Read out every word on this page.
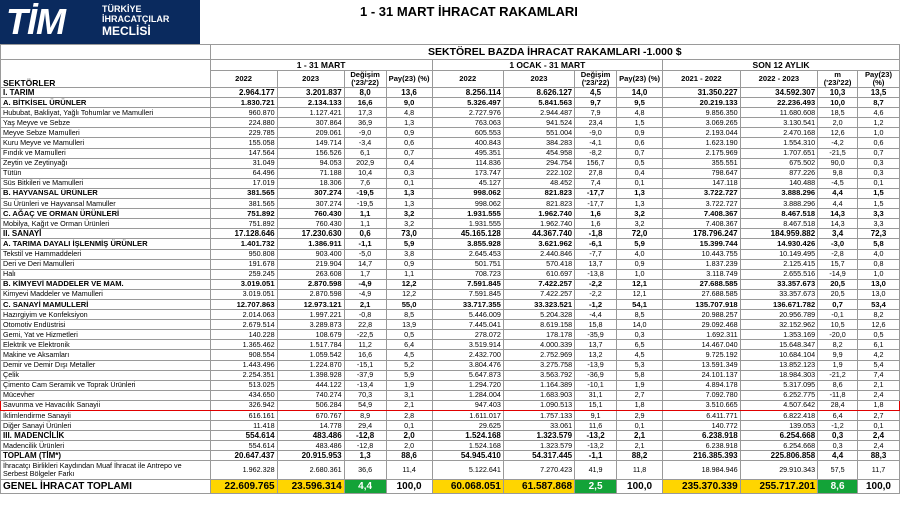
TİM	TÜRKİYE
İHRACATÇILAR
MECLİSİ
1 - 31 MART İHRACAT RAKAMLARI
	SEKTÖREL BAZDA İHRACAT RAKAMLARI -1.000 $											
SEKTÖRLER	1 - 31 MART				1 OCAK - 31 MART				SON 12 AYLIK			
	2022	2023	Değişim ('23/'22)	Pay(23) (%)	2022	2023	Değişim ('23/'22)	Pay(23) (%)	2021 - 2022	2022 - 2023	m ('23/'22)	Pay(23) (%)
I. TARIM	2.964.177	3.201.837	8,0	13,6	8.256.114	8.626.127	4,5	14,0	31.350.227	34.592.307	10,3	13,5
A. BİTKİSEL ÜRÜNLER	1.830.721	2.134.133	16,6	9,0	5.326.497	5.841.563	9,7	9,5	20.219.133	22.236.493	10,0	8,7
Hububat, Bakliyat, Yağlı Tohumlar ve Mamulleri	960.870	1.127.421	17,3	4,8	2.727.976	2.944.487	7,9	4,8	9.856.350	11.680.608	18,5	4,6
Yaş Meyve ve Sebze	224.880	307.864	36,9	1,3	763.063	941.524	23,4	1,5	3.069.265	3.130.541	2,0	1,2
Meyve Sebze Mamulleri	229.785	209.061	-9,0	0,9	605.553	551.004	-9,0	0,9	2.193.044	2.470.168	12,6	1,0
Kuru Meyve ve Mamulleri	155.058	149.714	-3,4	0,6	400.843	384.283	-4,1	0,6	1.623.190	1.554.310	-4,2	0,6
Fındık ve Mamulleri	147.564	156.526	6,1	0,7	495.351	454.958	-8,2	0,7	2.175.969	1.707.651	-21,5	0,7
Zeytin ve Zeytinyağı	31.049	94.053	202,9	0,4	114.836	294.754	156,7	0,5	355.551	675.502	90,0	0,3
Tütün	64.496	71.188	10,4	0,3	173.747	222.102	27,8	0,4	798.647	877.226	9,8	0,3
Süs Bitkileri ve Mamulleri	17.019	18.306	7,6	0,1	45.127	48.452	7,4	0,1	147.118	140.488	-4,5	0,1
B. HAYVANSAL ÜRÜNLER	381.565	307.274	-19,5	1,3	998.062	821.823	-17,7	1,3	3.722.727	3.888.296	4,4	1,5
Su Ürünleri ve Hayvansal Mamuller	381.565	307.274	-19,5	1,3	998.062	821.823	-17,7	1,3	3.722.727	3.888.296	4,4	1,5
C. AĞAÇ VE ORMAN ÜRÜNLERİ	751.892	760.430	1,1	3,2	1.931.555	1.962.740	1,6	3,2	7.408.367	8.467.518	14,3	3,3
Mobilya, Kağıt ve Orman Ürünleri	751.892	760.430	1,1	3,2	1.931.555	1.962.740	1,6	3,2	7.408.367	8.467.518	14,3	3,3
II. SANAYİ	17.128.646	17.230.630	0,6	73,0	45.165.128	44.367.740	-1,8	72,0	178.796.247	184.959.882	3,4	72,3
A. TARIMA DAYALI İŞLENMİŞ ÜRÜNLER	1.401.732	1.386.911	-1,1	5,9	3.855.928	3.621.962	-6,1	5,9	15.399.744	14.930.426	-3,0	5,8
Tekstil ve Hammaddeleri	950.808	903.400	-5,0	3,8	2.645.453	2.440.846	-7,7	4,0	10.443.755	10.149.495	-2,8	4,0
Deri ve Deri Mamulleri	191.678	219.904	14,7	0,9	501.751	570.418	13,7	0,9	1.837.239	2.125.415	15,7	0,8
Halı	259.245	263.608	1,7	1,1	708.723	610.697	-13,8	1,0	3.118.749	2.655.516	-14,9	1,0
B. KİMYEVİ MADDELER VE MAM.	3.019.051	2.870.598	-4,9	12,2	7.591.845	7.422.257	-2,2	12,1	27.688.585	33.357.673	20,5	13,0
Kimyevi Maddeler ve Mamulleri	3.019.051	2.870.598	-4,9	12,2	7.591.845	7.422.257	-2,2	12,1	27.688.585	33.357.673	20,5	13,0
C. SANAYİ MAMULLERİ	12.707.863	12.973.121	2,1	55,0	33.717.355	33.323.521	-1,2	54,1	135.707.918	136.671.782	0,7	53,4
Hazırgiyim ve Konfeksiyon	2.014.063	1.997.221	-0,8	8,5	5.446.009	5.204.328	-4,4	8,5	20.988.257	20.956.789	-0,1	8,2
Otomotiv Endüstrisi	2.679.514	3.289.873	22,8	13,9	7.445.041	8.619.158	15,8	14,0	29.092.468	32.152.962	10,5	12,6
Gemi, Yat ve Hizmetleri	140.228	108.679	-22,5	0,5	278.072	178.178	-35,9	0,3	1.692.311	1.353.169	-20,0	0,5
Elektrik ve Elektronik	1.365.462	1.517.784	11,2	6,4	3.519.914	4.000.339	13,7	6,5	14.467.040	15.648.347	8,2	6,1
Makine ve Aksamları	908.554	1.059.542	16,6	4,5	2.432.700	2.752.969	13,2	4,5	9.725.192	10.684.104	9,9	4,2
Demir ve Demir Dışı Metaller	1.443.496	1.224.870	-15,1	5,2	3.804.476	3.275.758	-13,9	5,3	13.591.349	13.852.123	1,9	5,4
Çelik	2.254.351	1.398.928	-37,9	5,9	5.647.873	3.563.792	-36,9	5,8	24.101.137	18.984.303	-21,2	7,4
Çimento Cam Seramik ve Toprak Ürünleri	513.025	444.122	-13,4	1,9	1.294.720	1.164.389	-10,1	1,9	4.894.178	5.317.095	8,6	2,1
Mücevher	434.650	740.274	70,3	3,1	1.284.004	1.683.903	31,1	2,7	7.092.780	6.252.775	-11,8	2,4
Savunma ve Havacılık Sanayii	326.942	506.284	54,9	2,1	947.403	1.090.513	15,1	1,8	3.510.665	4.507.642	28,4	1,8
İklimlendirme Sanayii	616.161	670.767	8,9	2,8	1.611.017	1.757.133	9,1	2,9	6.411.771	6.822.418	6,4	2,7
Diğer Sanayi Ürünleri	11.418	14.778	29,4	0,1	29.625	33.061	11,6	0,1	140.772	139.053	-1,2	0,1
III. MADENCİLİK	554.614	483.486	-12,8	2,0	1.524.168	1.323.579	-13,2	2,1	6.238.918	6.254.668	0,3	2,4
Madencilik Ürünleri	554.614	483.486	-12,8	2,0	1.524.168	1.323.579	-13,2	2,1	6.238.918	6.254.668	0,3	2,4
TOPLAM (TİM*)	20.647.437	20.915.953	1,3	88,6	54.945.410	54.317.445	-1,1	88,2	216.385.393	225.806.858	4,4	88,3
İhracatçı Birlikleri Kaydından Muaf İhracat ile Antrepo ve Serbest Bölgeler Farkı	1.962.328	2.680.361	36,6	11,4	5.122.641	7.270.423	41,9	11,8	18.984.946	29.910.343	57,5	11,7
GENEL İHRACAT TOPLAMI	22.609.765	23.596.314	4,4	100,0	60.068.051	61.587.868	2,5	100,0	235.370.339	255.717.201	8,6	100,0
